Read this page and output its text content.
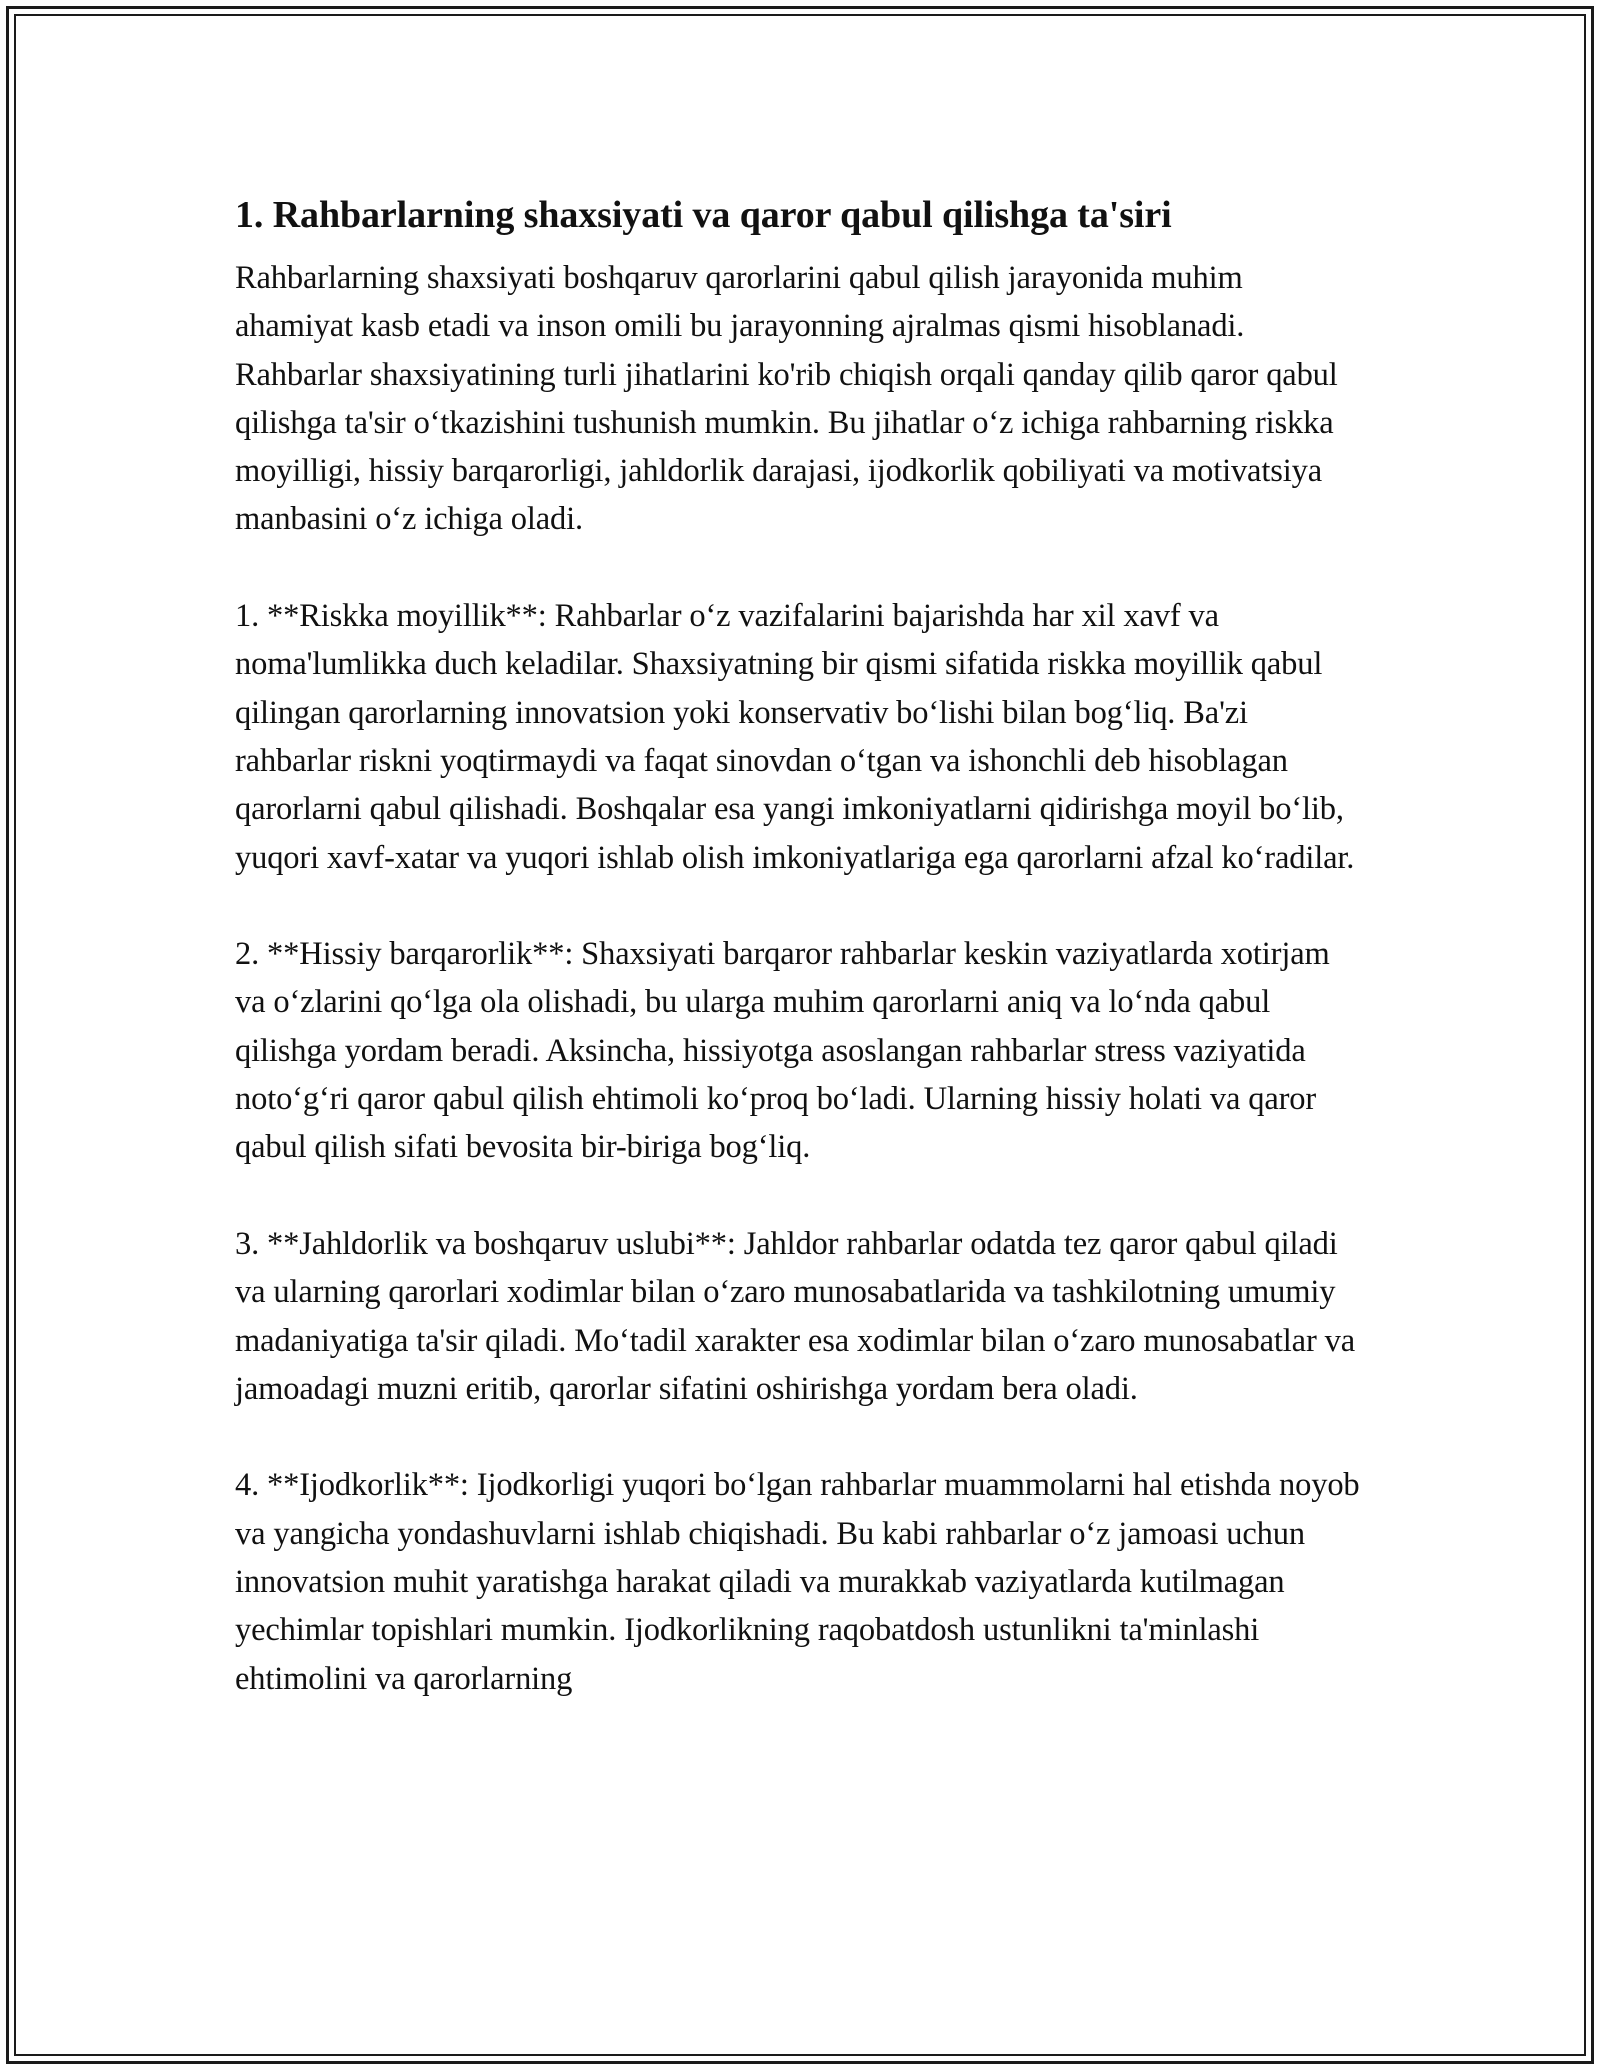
1. Rahbarlarning shaxsiyati va qaror qabul qilishga ta'siri

Rahbarlarning shaxsiyati boshqaruv qarorlarini qabul qilish jarayonida muhim ahamiyat kasb etadi va inson omili bu jarayonning ajralmas qismi hisoblanadi. Rahbarlar shaxsiyatining turli jihatlarini ko'rib chiqish orqali qanday qilib qaror qabul qilishga ta'sir o‘tkazishini tushunish mumkin. Bu jihatlar o‘z ichiga rahbarning riskka moyilligi, hissiy barqarorligi, jahldorlik darajasi, ijodkorlik qobiliyati va motivatsiya manbasini o‘z ichiga oladi.

1. **Riskka moyillik**: Rahbarlar o‘z vazifalarini bajarishda har xil xavf va noma'lumlikka duch keladilar. Shaxsiyatning bir qismi sifatida riskka moyillik qabul qilingan qarorlarning innovatsion yoki konservativ bo‘lishi bilan bog‘liq. Ba'zi rahbarlar riskni yoqtirmaydi va faqat sinovdan o‘tgan va ishonchli deb hisoblagan qarorlarni qabul qilishadi. Boshqalar esa yangi imkoniyatlarni qidirishga moyil bo‘lib, yuqori xavf-xatar va yuqori ishlab olish imkoniyatlariga ega qarorlarni afzal ko‘radilar.

2. **Hissiy barqarorlik**: Shaxsiyati barqaror rahbarlar keskin vaziyatlarda xotirjam va o‘zlarini qo‘lga ola olishadi, bu ularga muhim qarorlarni aniq va lo‘nda qabul qilishga yordam beradi. Aksincha, hissiyotga asoslangan rahbarlar stress vaziyatida noto‘g‘ri qaror qabul qilish ehtimoli ko‘proq bo‘ladi. Ularning hissiy holati va qaror qabul qilish sifati bevosita bir-biriga bog‘liq.

3. **Jahldorlik va boshqaruv uslubi**: Jahldor rahbarlar odatda tez qaror qabul qiladi va ularning qarorlari xodimlar bilan o‘zaro munosabatlarida va tashkilotning umumiy madaniyatiga ta'sir qiladi. Mo‘tadil xarakter esa xodimlar bilan o‘zaro munosabatlar va jamoadagi muzni eritib, qarorlar sifatini oshirishga yordam bera oladi.

4. **Ijodkorlik**: Ijodkorligi yuqori bo‘lgan rahbarlar muammolarni hal etishda noyob va yangicha yondashuvlarni ishlab chiqishadi. Bu kabi rahbarlar o‘z jamoasi uchun innovatsion muhit yaratishga harakat qiladi va murakkab vaziyatlarda kutilmagan yechimlar topishlari mumkin. Ijodkorlikning raqobatdosh ustunlikni ta'minlashi ehtimolini va qarorlarning
